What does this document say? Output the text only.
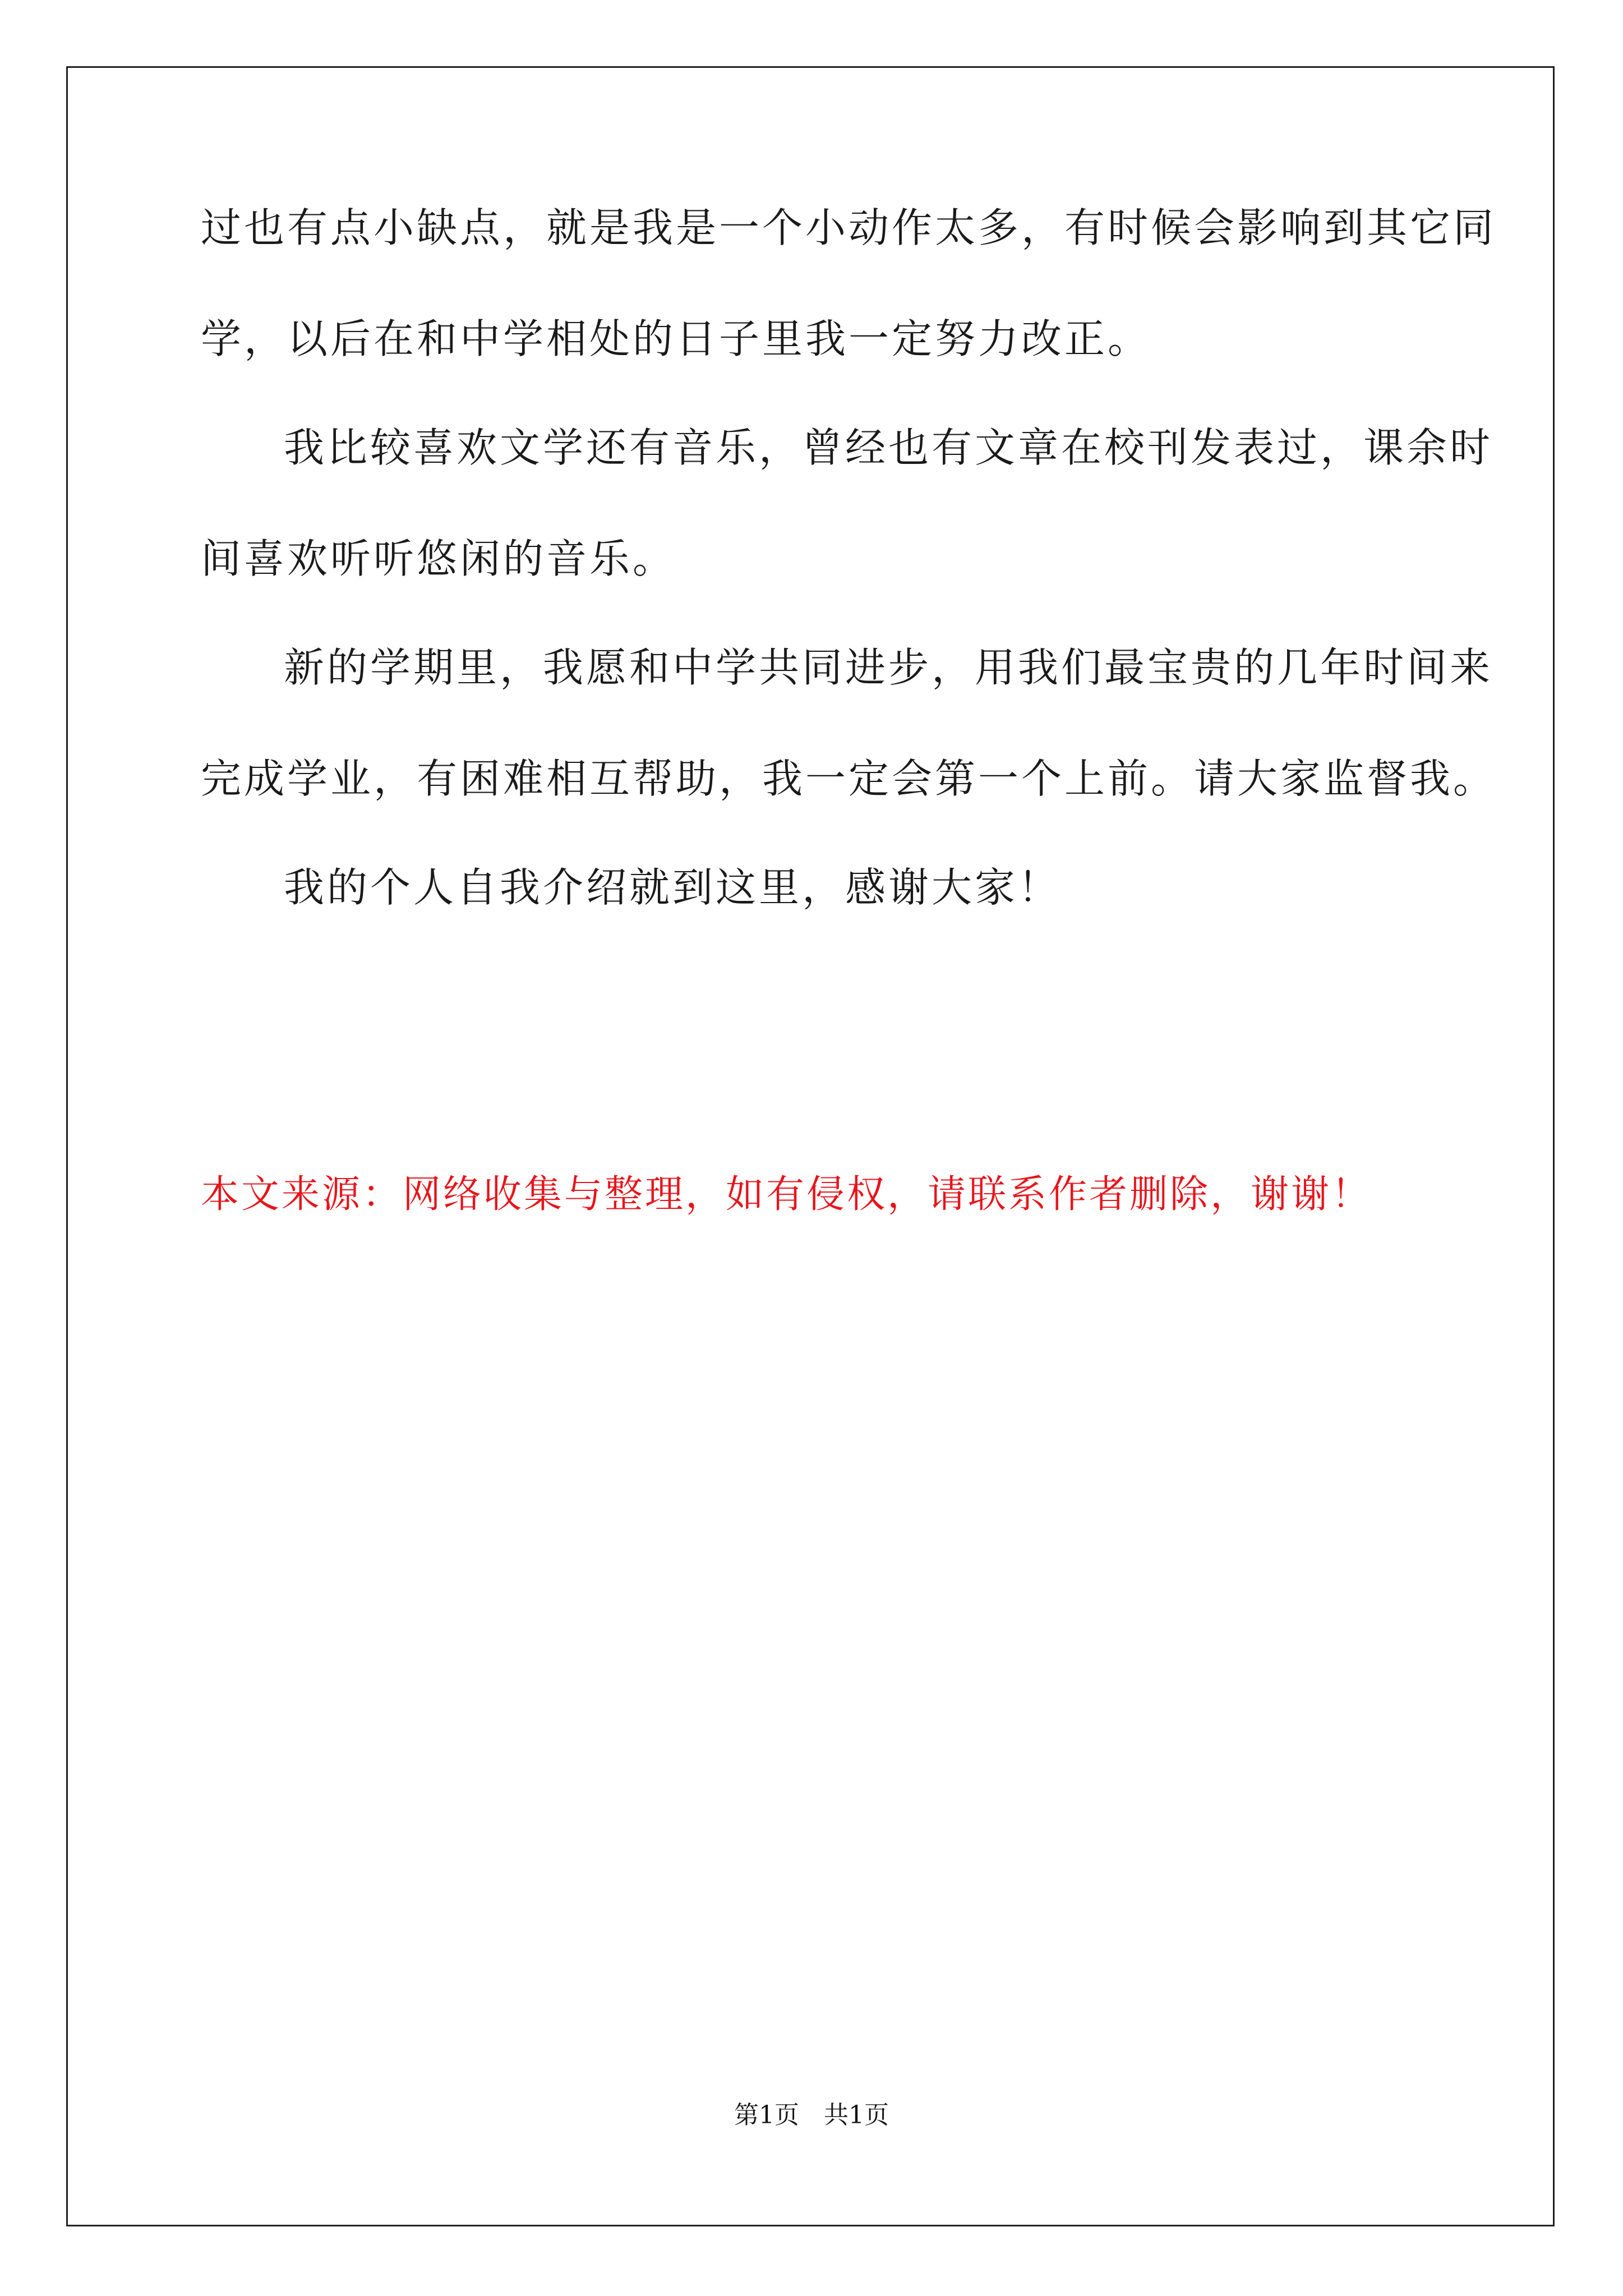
过也有点小缺点，就是我是一个小动作太多，有时候会影响到其它同
学，以后在和中学相处的日子里我一定努力改正。
我比较喜欢文学还有音乐，曾经也有文章在校刊发表过，课余时
间喜欢听听悠闲的音乐。
新的学期里，我愿和中学共同进步，用我们最宝贵的几年时间来
完成学业，有困难相互帮助，我一定会第一个上前。请大家监督我。
我的个人自我介绍就到这里，感谢大家！
本文来源：网络收集与整理，如有侵权，请联系作者删除，谢谢！
第1页　共1页
